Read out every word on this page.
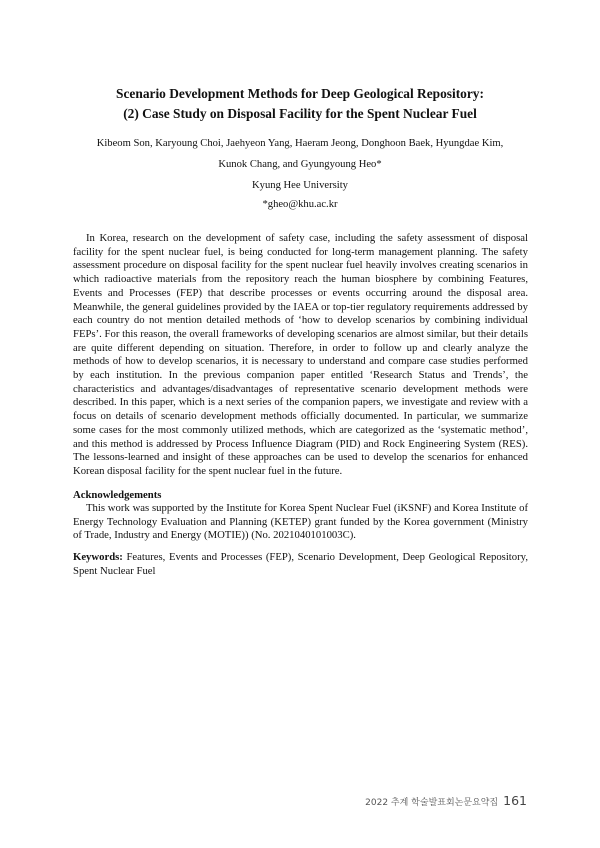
Scenario Development Methods for Deep Geological Repository:
(2) Case Study on Disposal Facility for the Spent Nuclear Fuel
Kibeom Son, Karyoung Choi, Jaehyeon Yang, Haeram Jeong, Donghoon Baek, Hyungdae Kim,
Kunok Chang, and Gyungyoung Heo*
Kyung Hee University
*gheo@khu.ac.kr

In Korea, research on the development of safety case, including the safety assessment of disposal facility for the spent nuclear fuel, is being conducted for long-term management planning. The safety assessment procedure on disposal facility for the spent nuclear fuel heavily involves creating scenarios in which radioactive materials from the repository reach the human biosphere by combining Features, Events and Processes (FEP) that describe processes or events occurring around the disposal area. Meanwhile, the general guidelines provided by the IAEA or top-tier regulatory requirements addressed by each country do not mention detailed methods of ‘how to develop scenarios by combining individual FEPs’. For this reason, the overall frameworks of developing scenarios are almost similar, but their details are quite different depending on situation. Therefore, in order to follow up and clearly analyze the methods of how to develop scenarios, it is necessary to understand and compare case studies performed by each institution. In the previous companion paper entitled ‘Research Status and Trends’, the characteristics and advantages/disadvantages of representative scenario development methods were described. In this paper, which is a next series of the companion papers, we investigate and review with a focus on details of scenario development methods officially documented. In particular, we summarize some cases for the most commonly utilized methods, which are categorized as the ‘systematic method’, and this method is addressed by Process Influence Diagram (PID) and Rock Engineering System (RES). The lessons-learned and insight of these approaches can be used to develop the scenarios for enhanced Korean disposal facility for the spent nuclear fuel in the future.

Acknowledgements

This work was supported by the Institute for Korea Spent Nuclear Fuel (iKSNF) and Korea Institute of Energy Technology Evaluation and Planning (KETEP) grant funded by the Korea government (Ministry of Trade, Industry and Energy (MOTIE)) (No. 2021040101003C).

Keywords: Features, Events and Processes (FEP), Scenario Development, Deep Geological Repository, Spent Nuclear Fuel

2022 추계 학술발표회논문요약집 161
